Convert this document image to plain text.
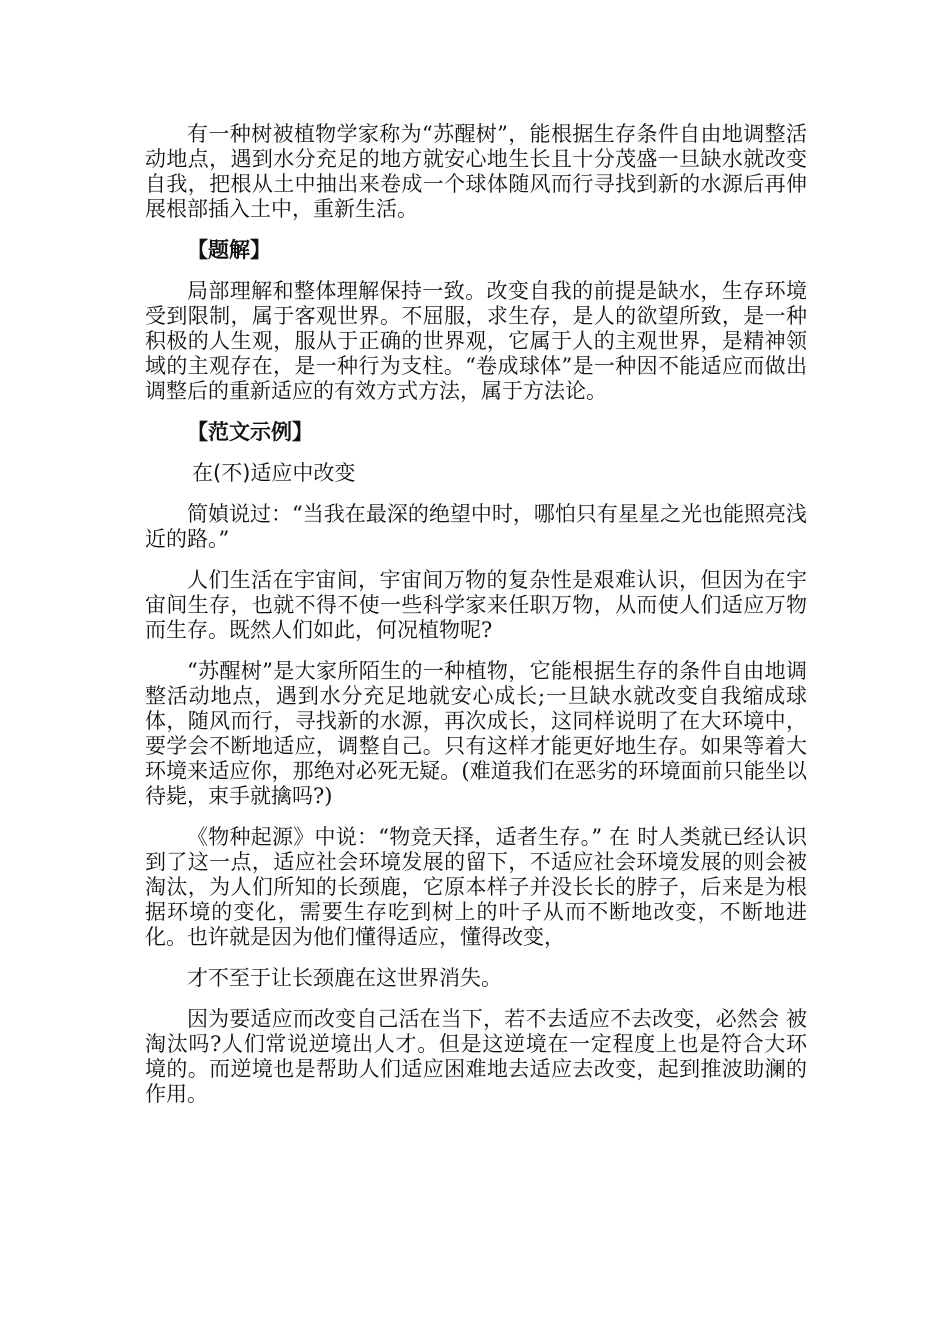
有一种树被植物学家称为“苏醒树”，能根据生存条件自由地调整活动地点，遇到水分充足的地方就安心地生长且十分茂盛一旦缺水就改变自我，把根从土中抽出来卷成一个球体随风而行寻找到新的水源后再伸展根部插入土中，重新生活。

【题解】

局部理解和整体理解保持一致。改变自我的前提是缺水，生存环境受到限制，属于客观世界。不屈服，求生存，是人的欲望所致，是一种积极的人生观，服从于正确的世界观，它属于人的主观世界，是精神领域的主观存在，是一种行为支柱。“卷成球体”是一种因不能适应而做出调整后的重新适应的有效方式方法，属于方法论。

【范文示例】
在(不)适应中改变

简媜说过：“当我在最深的绝望中时，哪怕只有星星之光也能照亮浅近的路。”

人们生活在宇宙间，宇宙间万物的复杂性是艰难认识，但因为在宇宙间生存，也就不得不使一些科学家来任职万物，从而使人们适应万物而生存。既然人们如此，何况植物呢?

“苏醒树”是大家所陌生的一种植物，它能根据生存的条件自由地调整活动地点，遇到水分充足地就安心成长;一旦缺水就改变自我缩成球体，随风而行，寻找新的水源，再次成长，这同样说明了在大环境中，要学会不断地适应，调整自己。只有这样才能更好地生存。如果等着大环境来适应你，那绝对必死无疑。(难道我们在恶劣的环境面前只能坐以待毙，束手就擒吗?)

《物种起源》中说：“物竞天择，适者生存。” 在 时人类就已经认识到了这一点，适应社会环境发展的留下，不适应社会环境发展的则会被淘汰，为人们所知的长颈鹿，它原本样子并没长长的脖子，后来是为根据环境的变化，需要生存吃到树上的叶子从而不断地改变，不断地进化。也许就是因为他们懂得适应，懂得改变，

才不至于让长颈鹿在这世界消失。

因为要适应而改变自己活在当下，若不去适应不去改变，必然会 被淘汰吗?人们常说逆境出人才。但是这逆境在一定程度上也是符合大环境的。而逆境也是帮助人们适应困难地去适应去改变，起到推波助澜的作用。
